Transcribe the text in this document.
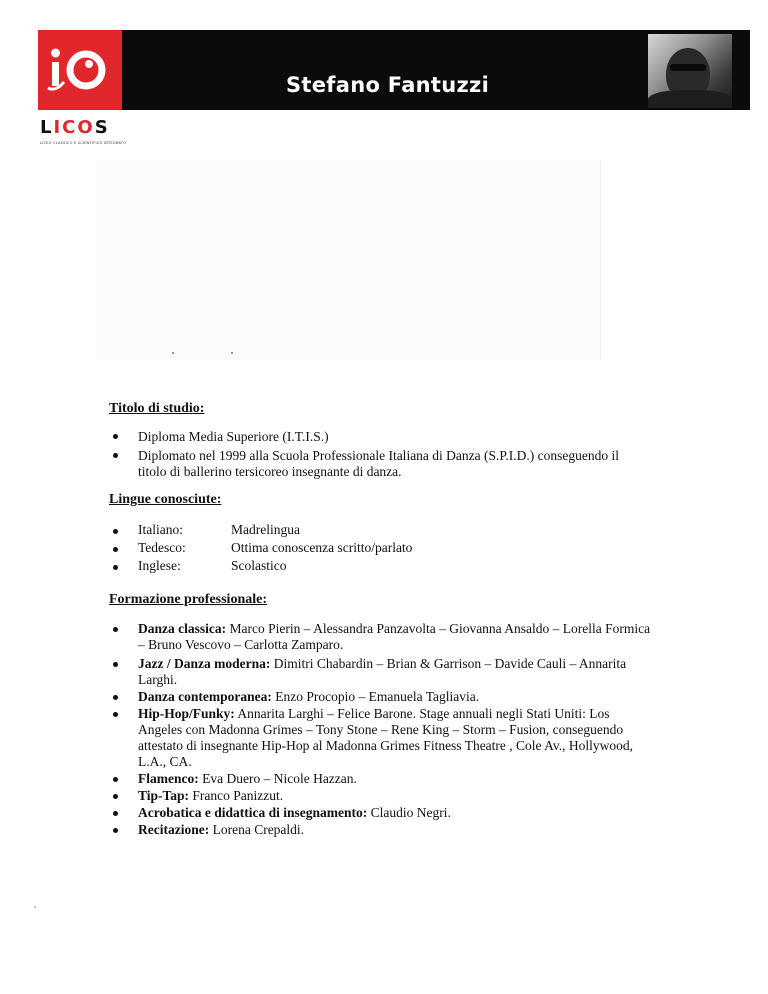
Stefano Fantuzzi
LICOS
LICEO CLASSICO E SCIENTIFICO INTEGRATO
Titolo di studio:
Diploma Media Superiore (I.T.I.S.)
Diplomato nel 1999 alla Scuola Professionale Italiana di Danza (S.P.I.D.) conseguendo il
titolo di ballerino tersicoreo insegnante di danza.
Lingue conosciute:
Italiano:	Madrelingua
Tedesco:	Ottima conoscenza scritto/parlato
Inglese:	Scolastico
Formazione professionale:
Danza classica: Marco Pierin – Alessandra Panzavolta – Giovanna Ansaldo – Lorella Formica
– Bruno Vescovo – Carlotta Zamparo.
Jazz / Danza moderna: Dimitri Chabardin – Brian & Garrison – Davide Cauli – Annarita
Larghi.
Danza contemporanea: Enzo Procopio – Emanuela Tagliavia.
Hip-Hop/Funky: Annarita Larghi – Felice Barone. Stage annuali negli Stati Uniti: Los
Angeles con Madonna Grimes – Tony Stone – Rene King – Storm – Fusion, conseguendo
attestato di insegnante Hip-Hop al Madonna Grimes Fitness Theatre , Cole Av., Hollywood,
L.A., CA.
Flamenco: Eva Duero – Nicole Hazzan.
Tip-Tap: Franco Panizzut.
Acrobatica e didattica di insegnamento: Claudio Negri.
Recitazione: Lorena Crepaldi.
